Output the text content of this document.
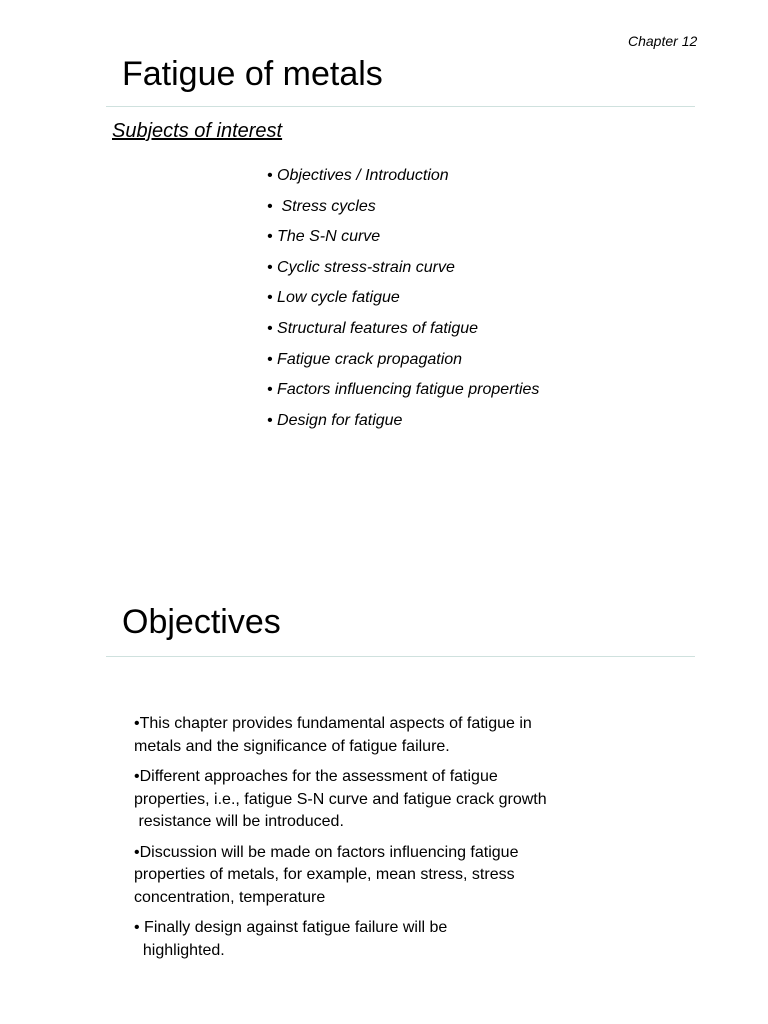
Chapter 12
Fatigue of metals
Subjects of interest
• Objectives / Introduction
•  Stress cycles
• The S-N curve
• Cyclic stress-strain curve
• Low cycle fatigue
• Structural features of fatigue
• Fatigue crack propagation
• Factors influencing fatigue properties
• Design for fatigue
Objectives
•This chapter provides fundamental aspects of fatigue in
metals and the significance of fatigue failure.
•Different approaches for the assessment of fatigue
properties, i.e., fatigue S-N curve and fatigue crack growth
resistance will be introduced.
•Discussion will be made on factors influencing fatigue
properties of metals, for example, mean stress, stress
concentration, temperature
• Finally design against fatigue failure will be
highlighted.
